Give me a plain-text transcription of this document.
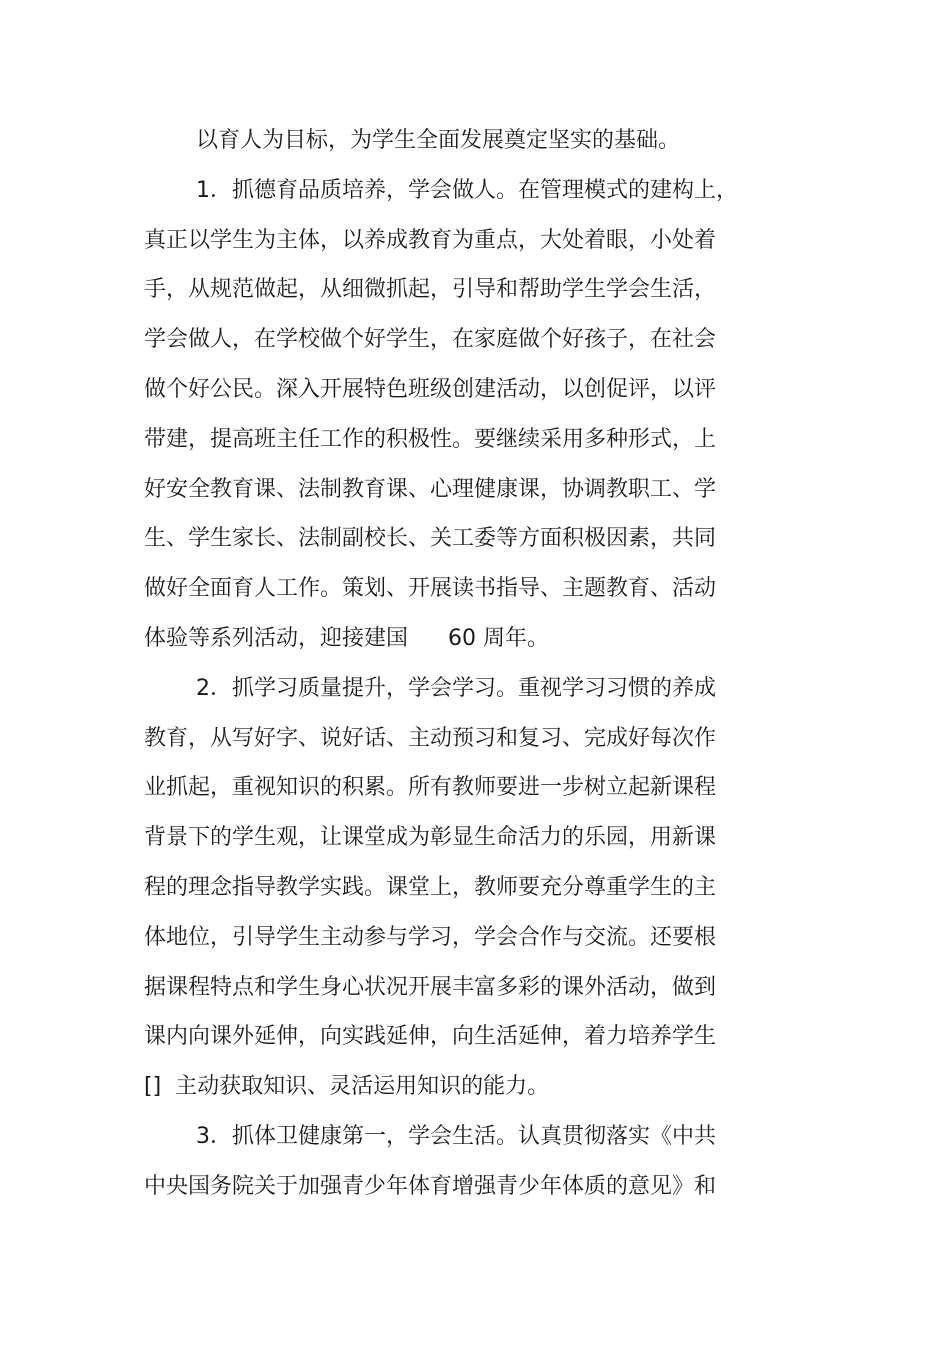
以育人为目标，为学生全面发展奠定坚实的基础。
1．抓德育品质培养，学会做人。在管理模式的建构上，
真正以学生为主体，以养成教育为重点，大处着眼，小处着
手，从规范做起，从细微抓起，引导和帮助学生学会生活，
学会做人，在学校做个好学生，在家庭做个好孩子，在社会
做个好公民。深入开展特色班级创建活动，以创促评，以评
带建，提高班主任工作的积极性。要继续采用多种形式，上
好安全教育课、法制教育课、心理健康课，协调教职工、学
生、学生家长、法制副校长、关工委等方面积极因素，共同
做好全面育人工作。策划、开展读书指导、主题教育、活动
体验等系列活动，迎接建国 60 周年。
2．抓学习质量提升，学会学习。重视学习习惯的养成
教育，从写好字、说好话、主动预习和复习、完成好每次作
业抓起，重视知识的积累。所有教师要进一步树立起新课程
背景下的学生观，让课堂成为彰显生命活力的乐园，用新课
程的理念指导教学实践。课堂上，教师要充分尊重学生的主
体地位，引导学生主动参与学习，学会合作与交流。还要根
据课程特点和学生身心状况开展丰富多彩的课外活动，做到
课内向课外延伸，向实践延伸，向生活延伸，着力培养学生
[] 主动获取知识、灵活运用知识的能力。
3．抓体卫健康第一，学会生活。认真贯彻落实《中共
中央国务院关于加强青少年体育增强青少年体质的意见》和
